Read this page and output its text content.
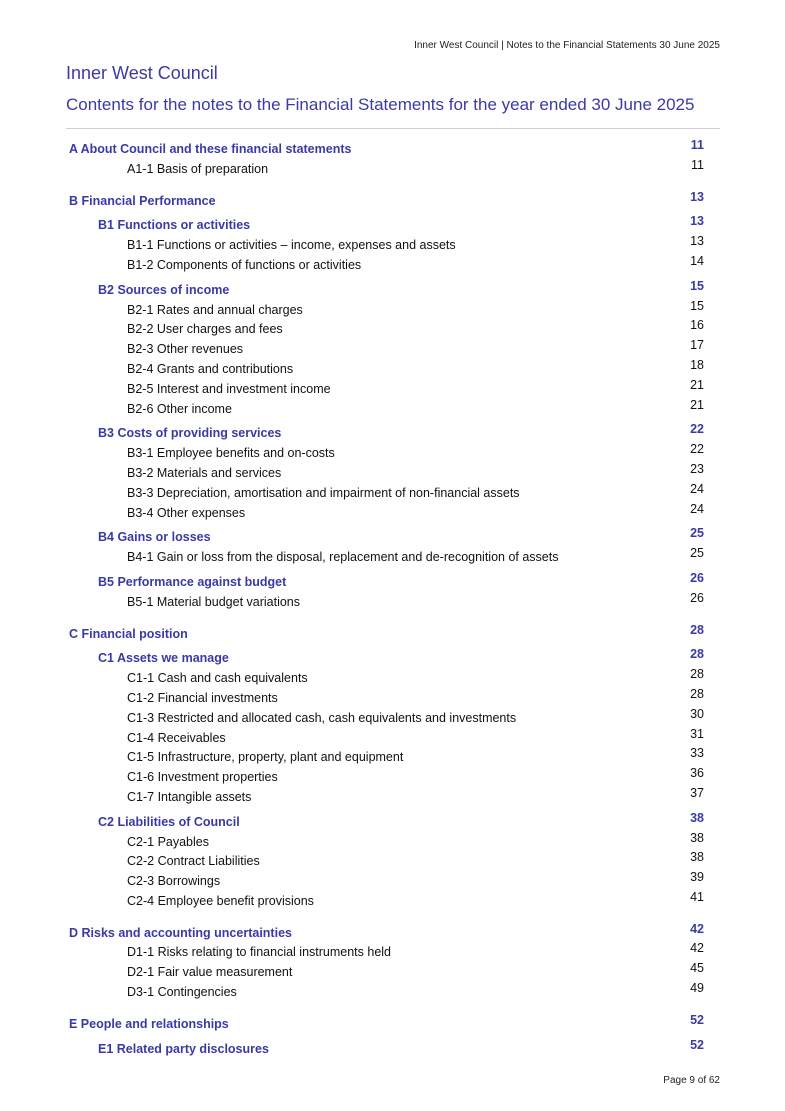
Inner West Council | Notes to the Financial Statements 30 June 2025
Inner West Council
Contents for the notes to the Financial Statements for the year ended 30 June 2025
A About Council and these financial statements	11
A1-1 Basis of preparation	11
B Financial Performance	13
B1 Functions or activities	13
B1-1 Functions or activities – income, expenses and assets	13
B1-2 Components of functions or activities	14
B2 Sources of income	15
B2-1 Rates and annual charges	15
B2-2 User charges and fees	16
B2-3 Other revenues	17
B2-4 Grants and contributions	18
B2-5 Interest and investment income	21
B2-6 Other income	21
B3 Costs of providing services	22
B3-1 Employee benefits and on-costs	22
B3-2 Materials and services	23
B3-3 Depreciation, amortisation and impairment of non-financial assets	24
B3-4 Other expenses	24
B4 Gains or losses	25
B4-1 Gain or loss from the disposal, replacement and de-recognition of assets	25
B5 Performance against budget	26
B5-1 Material budget variations	26
C Financial position	28
C1 Assets we manage	28
C1-1 Cash and cash equivalents	28
C1-2 Financial investments	28
C1-3 Restricted and allocated cash, cash equivalents and investments	30
C1-4 Receivables	31
C1-5 Infrastructure, property, plant and equipment	33
C1-6 Investment properties	36
C1-7 Intangible assets	37
C2 Liabilities of Council	38
C2-1 Payables	38
C2-2 Contract Liabilities	38
C2-3 Borrowings	39
C2-4 Employee benefit provisions	41
D Risks and accounting uncertainties	42
D1-1 Risks relating to financial instruments held	42
D2-1 Fair value measurement	45
D3-1 Contingencies	49
E People and relationships	52
E1 Related party disclosures	52
Page 9 of 62
